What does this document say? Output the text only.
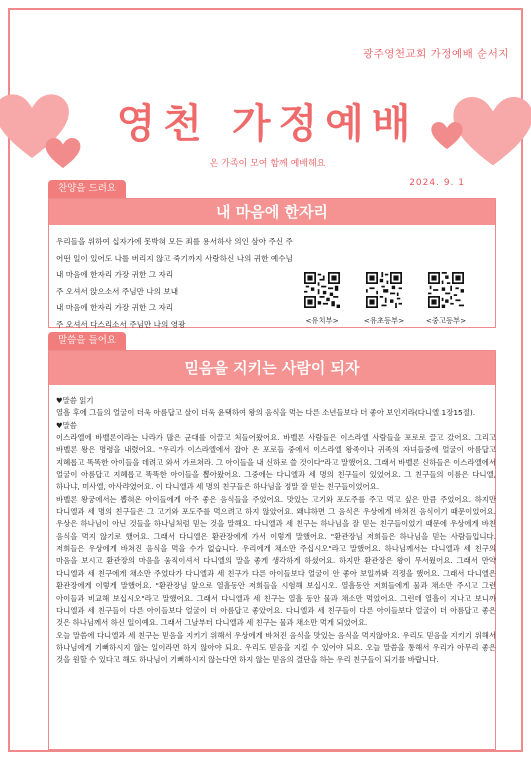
광주영천교회 가정예배 순서지
영천 가정예배
온 가족이 모여 함께 예배해요
2024. 9. 1
찬양을 드려요
내 마음에 한자리
우리들을 위하여 십자가에 못박혀 모든 죄를 용서하사 의인 삼아 주신 주
어떤 일이 있어도 나를 버리지 않고 죽기까지 사랑하신 나의 귀한 예수님
내 마음에 한자리 가장 귀한 그 자리
주 오셔서 앉으소서 주님만 나의 보내
내 마음에 한자리 가장 귀한 그 자리
주 오셔서 다스리소서 주님만 나의 영광	<유치부>	<유초등부>	<중고등부>
말씀을 들어요
믿음을 지키는 사람이 되자

♥말씀 읽기

열흘 후에 그들의 얼굴이 더욱 아름답고 살이 더욱 윤택하여 왕의 음식을 먹는 다른 소년들보다 더 좋아 보인지라(다니엘 1장15절).

♥말씀

이스라엘에 바벨론이라는 나라가 많은 군대를 이끌고 처들어왔어요. 바벨론 사람들은 이스라엘 사람들을 포로로 끌고 갔어요. 그리고 바벨론 왕은 명령을 내렸어요. "우리가 이스라엘에서 잡아 온 포로들 중에서 이스라엘 왕족이나 귀족의 자녀들중에 얼굴이 아름답고 지혜롭고 똑똑한 아이들을 데려고 와서 가르쳐라. 그 아이들을 내 신하로 쓸 것이다"라고 말했어요. 그래서 바벨론 신하들은 이스라엘에서 얼굴이 아름답고 지혜롭고 똑똑한 아이들을 뽑아왔어요. 그중에는 다니엘과 세 명의 친구들이 있었어요. 그 친구들의 이름은 다니엘, 하나냐, 미사엘, 아사랴였어요. 이 다니엘과 세 명의 친구들은 하나님을 정말 잘 믿는 친구들이었어요.

바벨론 왕궁에서는 뽑혀온 아이들에게 아주 좋은 음식들을 주었어요. 맛있는 고기와 포도주를 주고 먹고 싶은 만큼 주었어요. 하지만 다니엘과 세 명의 친구들은 그 고기와 포도주를 먹으려고 하지 않았어요. 왜냐하면 그 음식은 우상에게 바쳐진 음식이기 때문이었어요. 우상은 하나님이 아닌 것들을 하나님처럼 믿는 것을 말해요. 다니엘과 세 친구는 하나님을 잘 믿는 친구들이었기 때문에 우상에게 바친 음식을 먹지 않기로 했어요. 그래서 다니엘은 환관장에게 가서 이렇게 말했어요. "환관장님 저희들은 하나님을 믿는 사람들입니다. 저희들은 우상에게 바쳐진 음식을 먹을 수가 없습니다. 우리에게 채소만 주십시오"라고 말했어요. 하나님께서는 다니엘과 세 친구의 마음을 보시고 환관장의 마음을 움직이셔서 다니엘의 말을 좋게 생각하게 하셨어요. 하지만 환관장은 왕이 무서웠어요. 그래서 만약 다니엘과 세 친구에게 채소만 주었다가 다니엘과 세 친구가 다른 아이들보다 얼굴이 안 좋아 보일까봐 걱정을 했어요. 그래서 다니엘은 환관장에게 이렇게 말했어요. "환관장님 앞으로 열흘동안 저희들을 시험해 보십시오. 열흘동안 저희들에게 물과 채소만 주시고 그런 아이들과 비교해 보십시오"라고 말했어요. 그래서 다니엘과 세 친구는 열흘 동안 물과 채소만 먹었어요. 그런데 열흘이 지나고 보니까 다니엘과 세 친구들이 다른 아이들보다 얼굴이 더 아름답고 좋았어요. 다니엘과 세 친구들이 다른 아이들보다 얼굴이 더 아름답고 좋은 것은 하나님께서 하신 일이예요. 그래서 그날부터 다니엘과 세 친구는 물과 채소만 먹게 되었어요.

오늘 말씀에 다니엘과 세 친구는 믿음을 지키기 위해서 우상에게 바쳐진 음식을 맛있는 음식을 먹지않아요. 우리도 믿음을 지키기 위해서 하나님에게 기뻐하시지 않는 일이라면 하지 않아야 되요. 우리도 믿음을 지킬 수 있어야 되요. 오늘 말씀을 통해서 우리가 아무리 좋은 것을 원할 수 있다고 해도 하나님이 기뻐하시지 않는다면 하지 않는 믿음의 결단을 하는 우리 친구들이 되기를 바랍니다.
